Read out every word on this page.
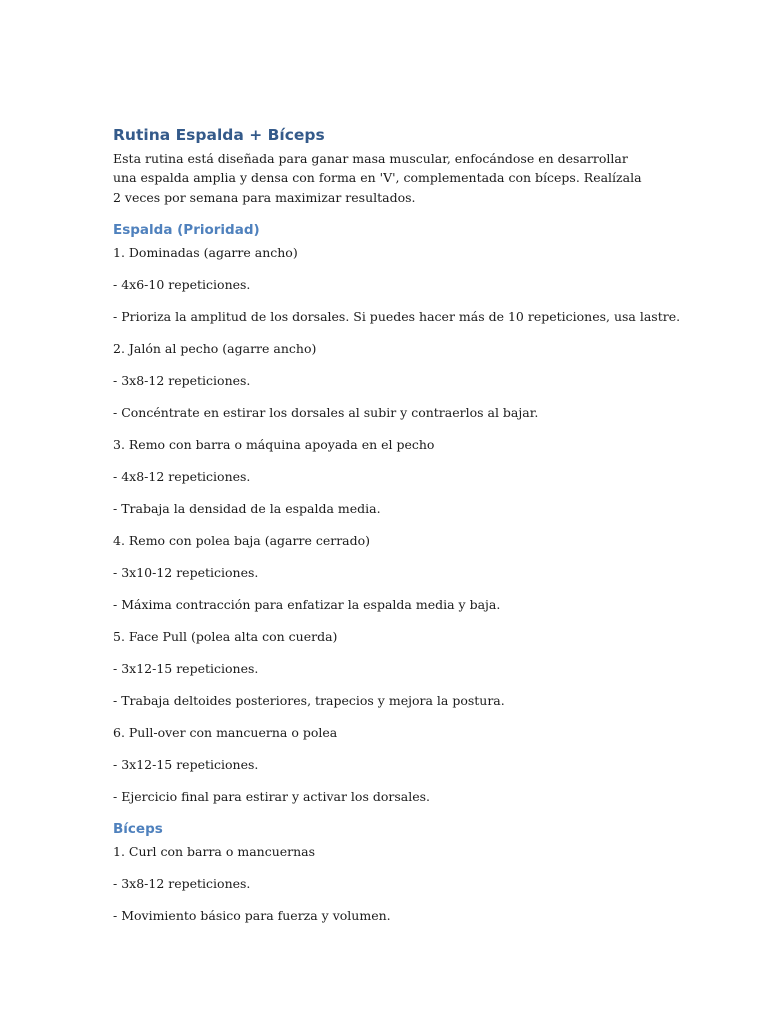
Rutina Espalda + Bíceps

Esta rutina está diseñada para ganar masa muscular, enfocándose en desarrollar una espalda amplia y densa con forma en 'V', complementada con bíceps. Realízala 2 veces por semana para maximizar resultados.

Espalda (Prioridad)

1. Dominadas (agarre ancho)

- 4x6-10 repeticiones.

- Prioriza la amplitud de los dorsales. Si puedes hacer más de 10 repeticiones, usa lastre.

2. Jalón al pecho (agarre ancho)

- 3x8-12 repeticiones.

- Concéntrate en estirar los dorsales al subir y contraerlos al bajar.

3. Remo con barra o máquina apoyada en el pecho

- 4x8-12 repeticiones.

- Trabaja la densidad de la espalda media.

4. Remo con polea baja (agarre cerrado)

- 3x10-12 repeticiones.

- Máxima contracción para enfatizar la espalda media y baja.

5. Face Pull (polea alta con cuerda)

- 3x12-15 repeticiones.

- Trabaja deltoides posteriores, trapecios y mejora la postura.

6. Pull-over con mancuerna o polea

- 3x12-15 repeticiones.

- Ejercicio final para estirar y activar los dorsales.

Bíceps

1. Curl con barra o mancuernas

- 3x8-12 repeticiones.

- Movimiento básico para fuerza y volumen.
